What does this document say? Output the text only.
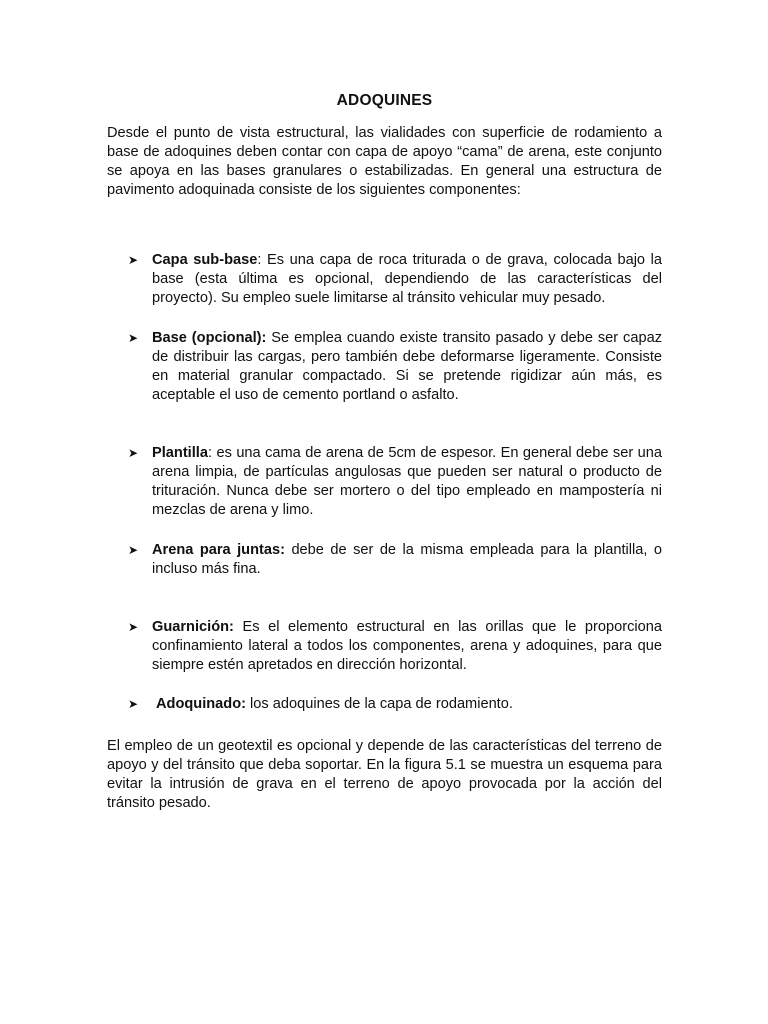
ADOQUINES

Desde el punto de vista estructural, las vialidades con superficie de rodamiento a base de adoquines deben contar con capa de apoyo “cama” de arena, este conjunto se apoya en las bases granulares o estabilizadas. En general una estructura de pavimento adoquinada consiste de los siguientes componentes:

➤ Capa sub-base: Es una capa de roca triturada o de grava, colocada bajo la base (esta última es opcional, dependiendo de las características del proyecto). Su empleo suele limitarse al tránsito vehicular muy pesado.
➤ Base (opcional): Se emplea cuando existe transito pasado y debe ser capaz de distribuir las cargas, pero también debe deformarse ligeramente. Consiste en material granular compactado. Si se pretende rigidizar aún más, es aceptable el uso de cemento portland o asfalto.
➤ Plantilla: es una cama de arena de 5cm de espesor. En general debe ser una arena limpia, de partículas angulosas que pueden ser natural o producto de trituración. Nunca debe ser mortero o del tipo empleado en mampostería ni mezclas de arena y limo.
➤ Arena para juntas: debe de ser de la misma empleada para la plantilla, o incluso más fina.
➤ Guarnición: Es el elemento estructural en las orillas que le proporciona confinamiento lateral a todos los componentes, arena y adoquines, para que siempre estén apretados en dirección horizontal.
➤ Adoquinado: los adoquines de la capa de rodamiento.

El empleo de un geotextil es opcional y depende de las características del terreno de apoyo y del tránsito que deba soportar. En la figura 5.1 se muestra un esquema para evitar la intrusión de grava en el terreno de apoyo provocada por la acción del tránsito pesado.
